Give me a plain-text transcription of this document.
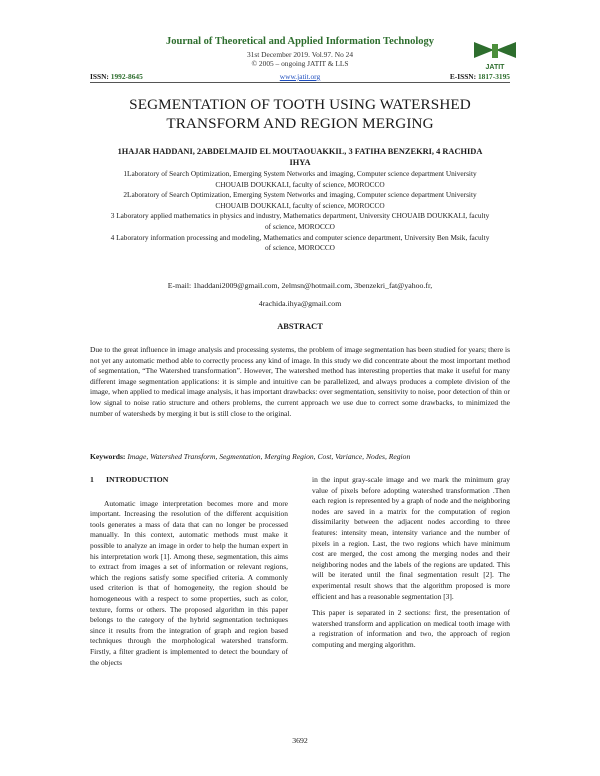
Journal of Theoretical and Applied Information Technology
31st December 2019. Vol.97. No 24
© 2005 – ongoing JATIT & LLS	JATIT
ISSN: 1992-8645	www.jatit.org	E-ISSN: 1817-3195
SEGMENTATION OF TOOTH USING WATERSHED TRANSFORM AND REGION MERGING
1HAJAR HADDANI, 2ABDELMAJID EL MOUTAOUAKKIL, 3 FATIHA BENZEKRI, 4 RACHIDA IHYA

1Laboratory of Search Optimization, Emerging System Networks and imaging, Computer science department University CHOUAIB DOUKKALI, faculty of science, MOROCCO

2Laboratory of Search Optimization, Emerging System Networks and imaging, Computer science department University CHOUAIB DOUKKALI, faculty of science, MOROCCO

3 Laboratory applied mathematics in physics and industry, Mathematics department, University CHOUAIB DOUKKALI, faculty of science, MOROCCO

4 Laboratory information processing and modeling, Mathematics and computer science department, University Ben Msik, faculty of science, MOROCCO

E-mail: 1haddani2009@gmail.com, 2elmsn@hotmail.com, 3benzekri_fat@yahoo.fr,
4rachida.ihya@gmail.com
ABSTRACT
Due to the great influence in image analysis and processing systems, the problem of image segmentation has been studied for years; there is not yet any automatic method able to correctly process any kind of image. In this study we did concentrate about the most important method of segmentation, “The Watershed transformation”. However, The watershed method has interesting properties that make it useful for many different image segmentation applications: it is simple and intuitive can be parallelized, and always produces a complete division of the image, when applied to medical image analysis, it has important drawbacks: over segmentation, sensitivity to noise, poor detection of thin or low signal to noise ratio structure and others problems, the current approach we use due to correct some drawbacks, to minimized the number of watersheds by merging it but is still close to the original.
Keywords: Image, Watershed Transform, Segmentation, Merging Region, Cost, Variance, Nodes, Region
1 INTRODUCTION

Automatic image interpretation becomes more and more important. Increasing the resolution of the different acquisition tools generates a mass of data that can no longer be processed manually. In this context, automatic methods must make it possible to analyze an image in order to help the human expert in his interpretation work [1]. Among these, segmentation, this aims to extract from images a set of information or relevant regions, which the regions satisfy some specified criteria. A commonly used criterion is that of homogeneity, the region should be homogeneous with a respect to some properties, such as color, texture, forms or others. The proposed algorithm in this paper belongs to the category of the hybrid segmentation techniques since it results from the integration of graph and region based techniques through the morphological watershed transform. Firstly, a filter gradient is implemented to detect the boundary of the objects

in the input gray-scale image and we mark the minimum gray value of pixels before adopting watershed transformation .Then each region is represented by a graph of node and the neighboring nodes are saved in a matrix for the computation of region dissimilarity between the adjacent nodes according to three features: intensity mean, intensity variance and the number of pixels in a region. Last, the two regions which have minimum cost are merged, the cost among the merging nodes and their neighboring nodes and the labels of the regions are updated. This will be iterated until the final segmentation result [2]. The experimental result shows that the algorithm proposed is more efficient and has a reasonable segmentation [3].

This paper is separated in 2 sections: first, the presentation of watershed transform and application on medical tooth image with a registration of information and two, the approach of region computing and merging algorithm.

3692
